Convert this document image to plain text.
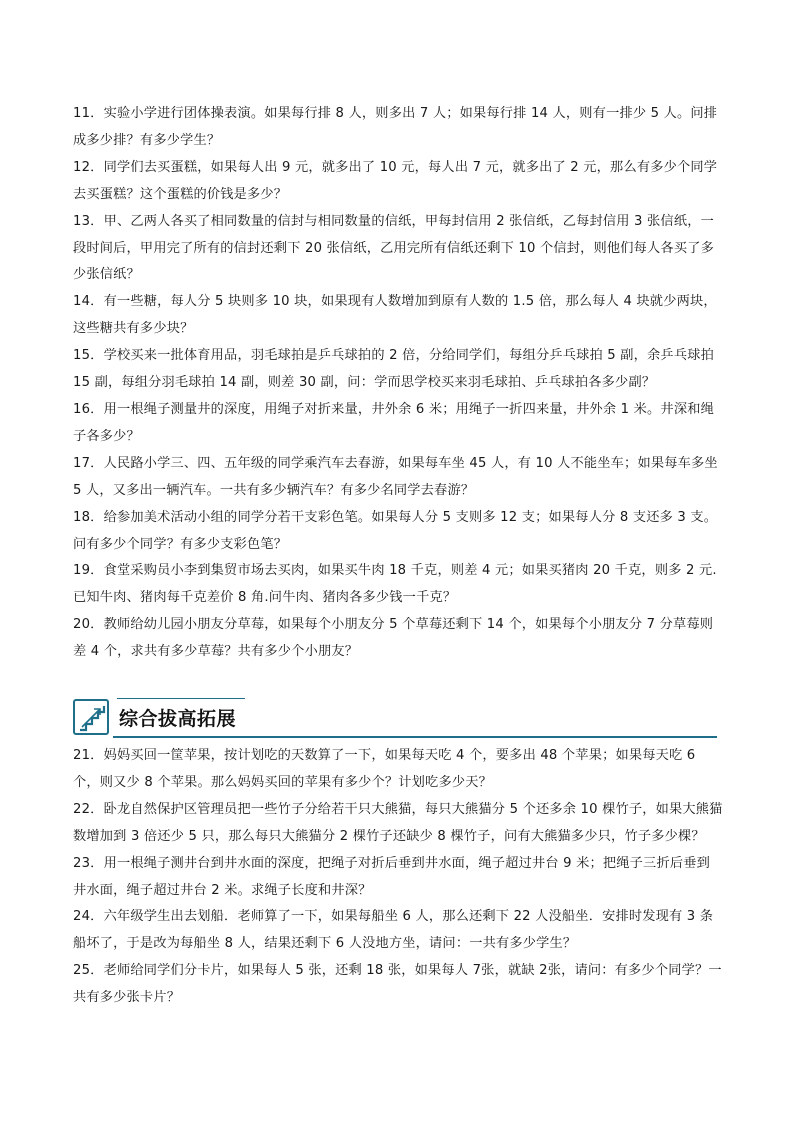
11．实验小学进行团体操表演。如果每行排 8 人，则多出 7 人；如果每行排 14 人，则有一排少 5 人。问排成多少排？有多少学生？

12．同学们去买蛋糕，如果每人出 9 元，就多出了 10 元，每人出 7 元，就多出了 2 元，那么有多少个同学去买蛋糕？这个蛋糕的价钱是多少？

13．甲、乙两人各买了相同数量的信封与相同数量的信纸，甲每封信用 2 张信纸，乙每封信用 3 张信纸，一段时间后，甲用完了所有的信封还剩下 20 张信纸，乙用完所有信纸还剩下 10 个信封，则他们每人各买了多少张信纸？

14．有一些糖，每人分 5 块则多 10 块，如果现有人数增加到原有人数的 1.5 倍，那么每人 4 块就少两块，这些糖共有多少块？

15．学校买来一批体育用品，羽毛球拍是乒乓球拍的 2 倍，分给同学们，每组分乒乓球拍 5 副，余乒乓球拍 15 副，每组分羽毛球拍 14 副，则差 30 副，问：学而思学校买来羽毛球拍、乒乓球拍各多少副？

16．用一根绳子测量井的深度，用绳子对折来量，井外余 6 米；用绳子一折四来量，井外余 1 米。井深和绳子各多少？

17．人民路小学三、四、五年级的同学乘汽车去春游，如果每车坐 45 人，有 10 人不能坐车；如果每车多坐 5 人，又多出一辆汽车。一共有多少辆汽车？有多少名同学去春游？

18．给参加美术活动小组的同学分若干支彩色笔。如果每人分 5 支则多 12 支；如果每人分 8 支还多 3 支。问有多少个同学？有多少支彩色笔？

19．食堂采购员小李到集贸市场去买肉，如果买牛肉 18 千克，则差 4 元；如果买猪肉 20 千克，则多 2 元.已知牛肉、猪肉每千克差价 8 角.问牛肉、猪肉各多少钱一千克？

20．教师给幼儿园小朋友分草莓，如果每个小朋友分 5 个草莓还剩下 14 个，如果每个小朋友分 7 分草莓则差 4 个，求共有多少草莓？共有多少个小朋友？

综合拔高拓展

21．妈妈买回一筐苹果，按计划吃的天数算了一下，如果每天吃 4 个，要多出 48 个苹果；如果每天吃 6 个，则又少 8 个苹果。那么妈妈买回的苹果有多少个？计划吃多少天？

22．卧龙自然保护区管理员把一些竹子分给若干只大熊猫，每只大熊猫分 5 个还多余 10 棵竹子，如果大熊猫数增加到 3 倍还少 5 只，那么每只大熊猫分 2 棵竹子还缺少 8 棵竹子，问有大熊猫多少只，竹子多少棵？

23．用一根绳子测井台到井水面的深度，把绳子对折后垂到井水面，绳子超过井台 9 米；把绳子三折后垂到井水面，绳子超过井台 2 米。求绳子长度和井深？

24．六年级学生出去划船．老师算了一下，如果每船坐 6 人，那么还剩下 22 人没船坐．安排时发现有 3 条船坏了，于是改为每船坐 8 人，结果还剩下 6 人没地方坐，请问：一共有多少学生？

25．老师给同学们分卡片，如果每人 5 张，还剩 18 张，如果每人 7张，就缺 2张，请问：有多少个同学？一共有多少张卡片？
